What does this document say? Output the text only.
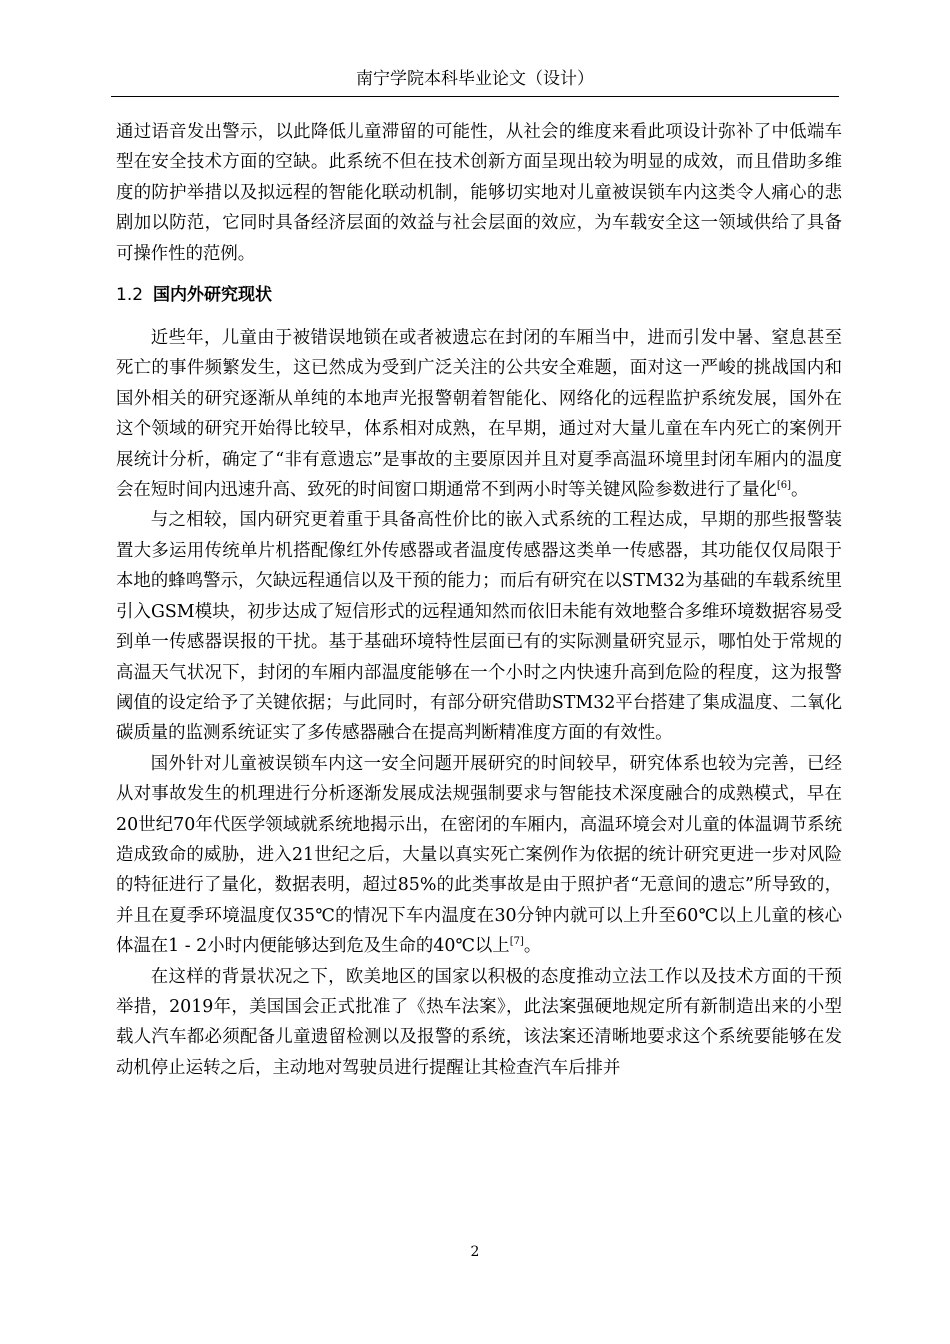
南宁学院本科毕业论文（设计）

通过语音发出警示，以此降低儿童滞留的可能性，从社会的维度来看此项设计弥补了中低端车型在安全技术方面的空缺。此系统不但在技术创新方面呈现出较为明显的成效，而且借助多维度的防护举措以及拟远程的智能化联动机制，能够切实地对儿童被误锁车内这类令人痛心的悲剧加以防范，它同时具备经济层面的效益与社会层面的效应，为车载安全这一领域供给了具备可操作性的范例。

1.2 国内外研究现状

近些年，儿童由于被错误地锁在或者被遗忘在封闭的车厢当中，进而引发中暑、窒息甚至死亡的事件频繁发生，这已然成为受到广泛关注的公共安全难题，面对这一严峻的挑战国内和国外相关的研究逐渐从单纯的本地声光报警朝着智能化、网络化的远程监护系统发展，国外在这个领域的研究开始得比较早，体系相对成熟，在早期，通过对大量儿童在车内死亡的案例开展统计分析，确定了“非有意遗忘”是事故的主要原因并且对夏季高温环境里封闭车厢内的温度会在短时间内迅速升高、致死的时间窗口期通常不到两小时等关键风险参数进行了量化[6]。

与之相较，国内研究更着重于具备高性价比的嵌入式系统的工程达成，早期的那些报警装置大多运用传统单片机搭配像红外传感器或者温度传感器这类单一传感器，其功能仅仅局限于本地的蜂鸣警示，欠缺远程通信以及干预的能力；而后有研究在以STM32为基础的车载系统里引入GSM模块，初步达成了短信形式的远程通知然而依旧未能有效地整合多维环境数据容易受到单一传感器误报的干扰。基于基础环境特性层面已有的实际测量研究显示，哪怕处于常规的高温天气状况下，封闭的车厢内部温度能够在一个小时之内快速升高到危险的程度，这为报警阈值的设定给予了关键依据；与此同时，有部分研究借助STM32平台搭建了集成温度、二氧化碳质量的监测系统证实了多传感器融合在提高判断精准度方面的有效性。

国外针对儿童被误锁车内这一安全问题开展研究的时间较早，研究体系也较为完善，已经从对事故发生的机理进行分析逐渐发展成法规强制要求与智能技术深度融合的成熟模式，早在20世纪70年代医学领域就系统地揭示出，在密闭的车厢内，高温环境会对儿童的体温调节系统造成致命的威胁，进入21世纪之后，大量以真实死亡案例作为依据的统计研究更进一步对风险的特征进行了量化，数据表明，超过85%的此类事故是由于照护者“无意间的遗忘”所导致的，并且在夏季环境温度仅35℃的情况下车内温度在30分钟内就可以上升至60℃以上儿童的核心体温在1 - 2小时内便能够达到危及生命的40℃以上[7]。

在这样的背景状况之下，欧美地区的国家以积极的态度推动立法工作以及技术方面的干预举措，2019年，美国国会正式批准了《热车法案》，此法案强硬地规定所有新制造出来的小型载人汽车都必须配备儿童遗留检测以及报警的系统，该法案还清晰地要求这个系统要能够在发动机停止运转之后，主动地对驾驶员进行提醒让其检查汽车后排并

2
